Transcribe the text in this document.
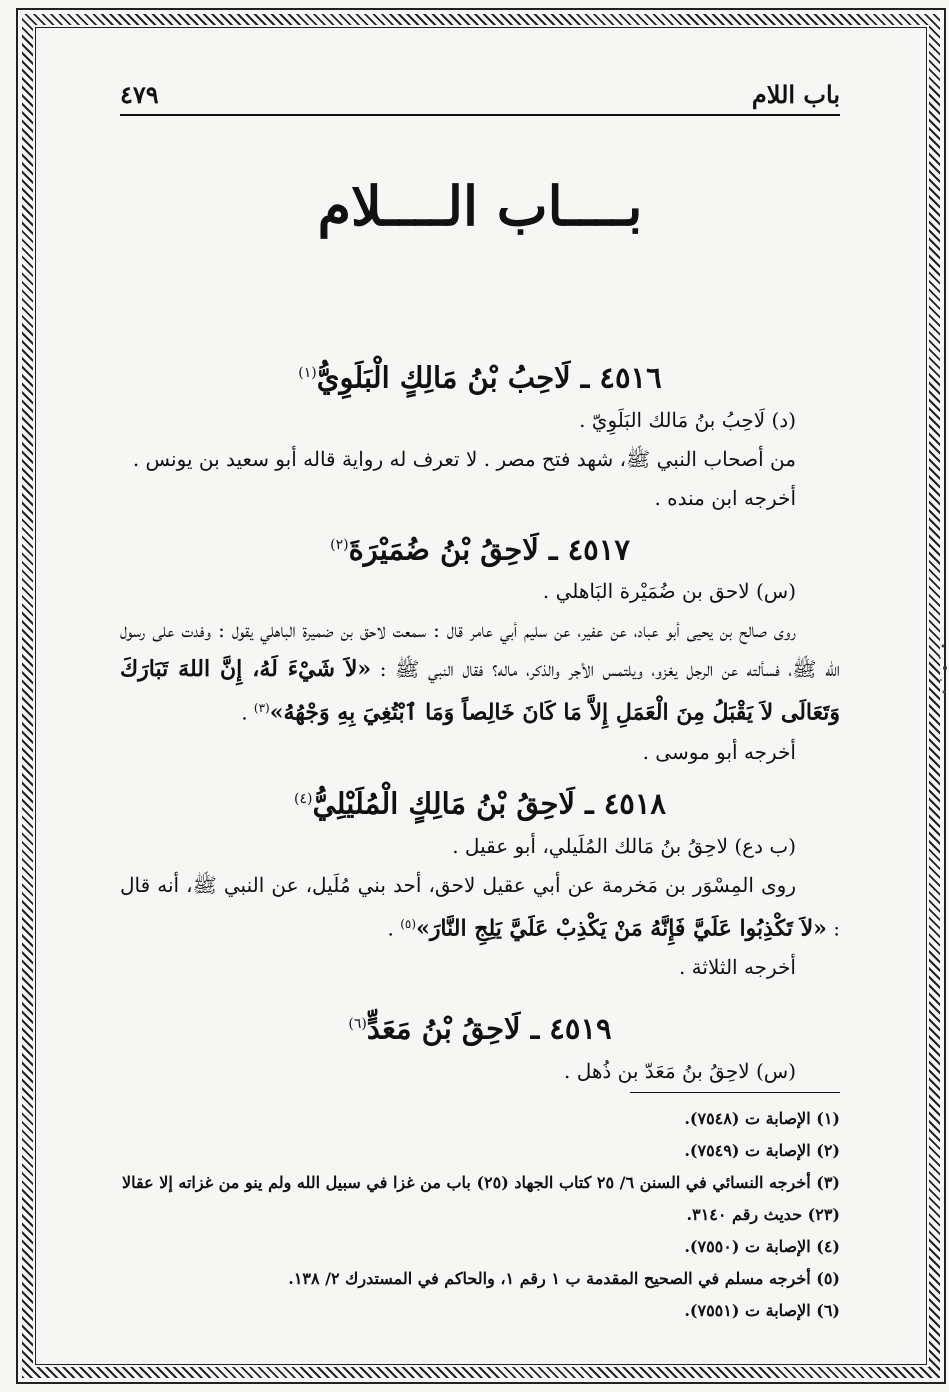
باب اللام
٤٧٩
بــــاب الــــلام

٤٥١٦ ـ لَاحِبُ بْنُ مَالِكٍ الْبَلَوِيُّ$^{(١)}$

(د) لَاحِبُ بنُ مَالك البَلَوِيّ .

من أصحاب النبي ﷺ، شهد فتح مصر . لا تعرف له رواية قاله أبو سعيد بن يونس .

أخرجه ابن منده .

٤٥١٧ ـ لَاحِقُ بْنُ ضُمَيْرَةَ$^{(٢)}$

(س) لاحق بن ضُمَيْرة البَاهلي .

روى صالح بن يحيى أبو عباد، عن عفير، عن سليم أبي عامر قال : سمعت لاحق بن ضميرة الباهلي يقول : وفدت على رسول الله ﷺ، فسألته عن الرجل يغزو، ويلتمس الأجر والذكر، ماله؟ فقال النبي ﷺ : «لاَ شَيْءَ لَهُ، إِنَّ اللهَ تَبَارَكَ وَتَعَالَى لاَ يَقْبَلُ مِنَ الْعَمَلِ إِلاَّ مَا كَانَ خَالِصاً وَمَا ٱبْتُغِيَ بِهِ وَجْهُهُ»$^{(٣)}$ .

أخرجه أبو موسى .

٤٥١٨ ـ لَاحِقُ بْنُ مَالِكٍ الْمُلَيْلِيُّ$^{(٤)}$

(ب دع) لاحِقُ بنُ مَالك المُلَيلي، أبو عقيل .

روى المِسْوَر بن مَخرمة عن أبي عقيل لاحق، أحد بني مُلَيل، عن النبي ﷺ، أنه قال : «لاَ تَكْذِبُوا عَلَيَّ فَإِنَّهُ مَنْ يَكْذِبْ عَلَيَّ يَلِجِ النَّارَ»$^{(٥)}$ .

أخرجه الثلاثة .

٤٥١٩ ـ لَاحِقُ بْنُ مَعَدٍّ$^{(٦)}$

(س) لاحِقُ بنُ مَعَدّ بن ذُهل .

(١) الإصابة ت (٧٥٤٨).

(٢) الإصابة ت (٧٥٤٩).

(٣) أخرجه النسائي في السنن ٦/ ٢٥ كتاب الجهاد (٢٥) باب من غزا في سبيل الله ولم ينو من غزاته إلا عقالا (٢٣) حديث رقم ٣١٤٠.

(٤) الإصابة ت (٧٥٥٠).

(٥) أخرجه مسلم في الصحيح المقدمة ب ١ رقم ١، والحاكم في المستدرك ٢/ ١٣٨.

(٦) الإصابة ت (٧٥٥١).
